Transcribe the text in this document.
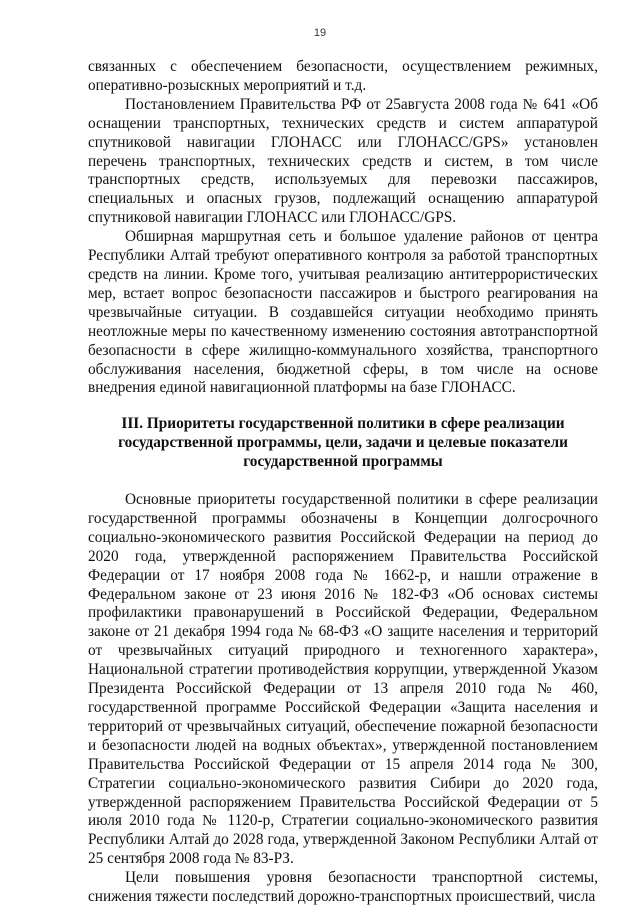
19

связанных с обеспечением безопасности, осуществлением режимных, оперативно-розыскных мероприятий и т.д.

Постановлением Правительства РФ от 25августа 2008 года № 641 «Об оснащении транспортных, технических средств и систем аппаратурой спутниковой навигации ГЛОНАСС или ГЛОНАСС/GPS» установлен перечень транспортных, технических средств и систем, в том числе транспортных средств, используемых для перевозки пассажиров, специальных и опасных грузов, подлежащий оснащению аппаратурой спутниковой навигации ГЛОНАСС или ГЛОНАСС/GPS.

Обширная маршрутная сеть и большое удаление районов от центра Республики Алтай требуют оперативного контроля за работой транспортных средств на линии. Кроме того, учитывая реализацию антитеррористических мер, встает вопрос безопасности пассажиров и быстрого реагирования на чрезвычайные ситуации. В создавшейся ситуации необходимо принять неотложные меры по качественному изменению состояния автотранспортной безопасности в сфере жилищно-коммунального хозяйства, транспортного обслуживания населения, бюджетной сферы, в том числе на основе внедрения единой навигационной платформы на базе ГЛОНАСС.

III. Приоритеты государственной политики в сфере реализации государственной программы, цели, задачи и целевые показатели государственной программы

Основные приоритеты государственной политики в сфере реализации государственной программы обозначены в Концепции долгосрочного социально-экономического развития Российской Федерации на период до 2020 года, утвержденной распоряжением Правительства Российской Федерации от 17 ноября 2008 года № 1662-р, и нашли отражение в Федеральном законе от 23 июня 2016 № 182-ФЗ «Об основах системы профилактики правонарушений в Российской Федерации, Федеральном законе от 21 декабря 1994 года № 68-ФЗ «О защите населения и территорий от чрезвычайных ситуаций природного и техногенного характера», Национальной стратегии противодействия коррупции, утвержденной Указом Президента Российской Федерации от 13 апреля 2010 года № 460, государственной программе Российской Федерации «Защита населения и территорий от чрезвычайных ситуаций, обеспечение пожарной безопасности и безопасности людей на водных объектах», утвержденной постановлением Правительства Российской Федерации от 15 апреля 2014 года № 300, Стратегии социально-экономического развития Сибири до 2020 года, утвержденной распоряжением Правительства Российской Федерации от 5 июля 2010 года № 1120-р, Стратегии социально-экономического развития Республики Алтай до 2028 года, утвержденной Законом Республики Алтай от 25 сентября 2008 года № 83-РЗ.

Цели повышения уровня безопасности транспортной системы, снижения тяжести последствий дорожно-транспортных происшествий, числа
